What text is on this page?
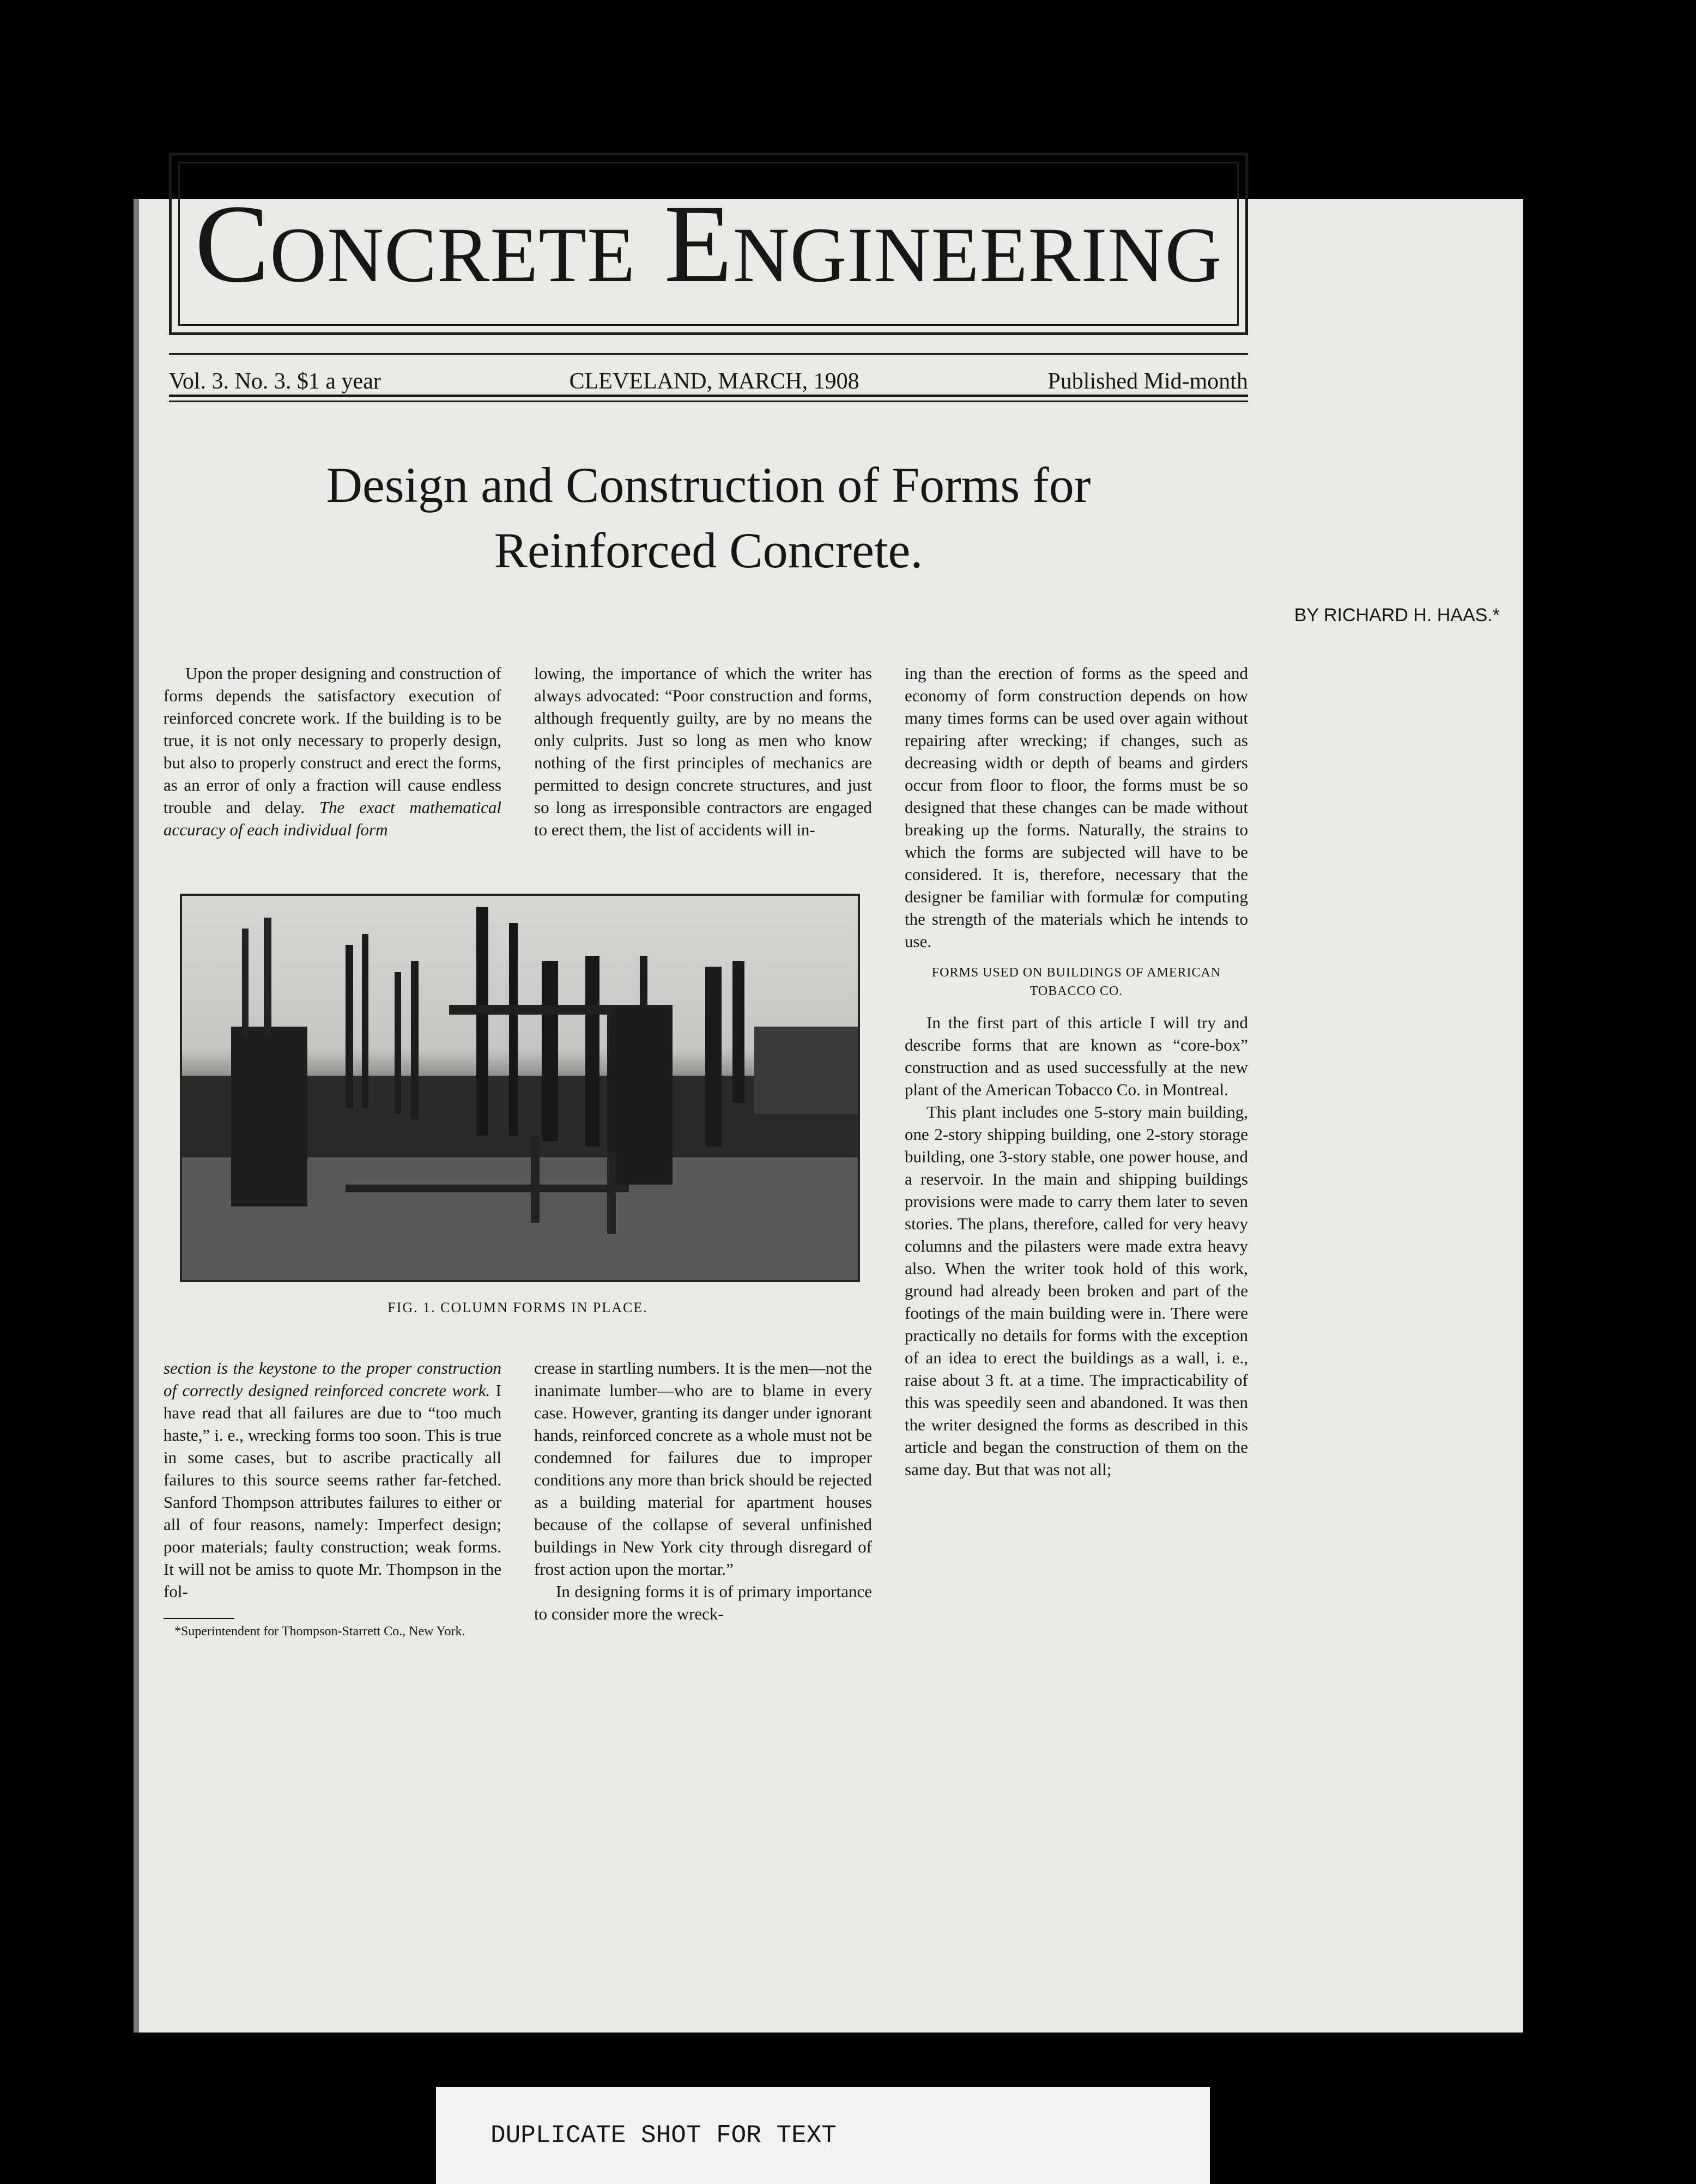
Concrete Engineering
Vol. 3. No. 3. $1 a year	CLEVELAND, MARCH, 1908	Published Mid-month
Design and Construction of Forms for
Reinforced Concrete.
BY RICHARD H. HAAS.*

Upon the proper designing and construction of forms depends the satisfactory execution of reinforced concrete work. If the building is to be true, it is not only necessary to properly design, but also to properly construct and erect the forms, as an error of only a fraction will cause endless trouble and delay. The exact mathematical accuracy of each individual form

lowing, the importance of which the writer has always advocated: “Poor construction and forms, although frequently guilty, are by no means the only culprits. Just so long as men who know nothing of the first principles of mechanics are permitted to design concrete structures, and just so long as irresponsible contractors are engaged to erect them, the list of accidents will in-

ing than the erection of forms as the speed and economy of form construction depends on how many times forms can be used over again without repairing after wrecking; if changes, such as decreasing width or depth of beams and girders occur from floor to floor, the forms must be so designed that these changes can be made without breaking up the forms. Naturally, the strains to which the forms are subjected will have to be considered. It is, therefore, necessary that the designer be familiar with formulæ for computing the strength of the materials which he intends to use.

FORMS USED ON BUILDINGS OF AMERICAN TOBACCO CO.

In the first part of this article I will try and describe forms that are known as “core-box” construction and as used successfully at the new plant of the American Tobacco Co. in Montreal.

This plant includes one 5-story main building, one 2-story shipping building, one 2-story storage building, one 3-story stable, one power house, and a reservoir. In the main and shipping buildings provisions were made to carry them later to seven stories. The plans, therefore, called for very heavy columns and the pilasters were made extra heavy also. When the writer took hold of this work, ground had already been broken and part of the footings of the main building were in. There were practically no details for forms with the exception of an idea to erect the buildings as a wall, i. e., raise about 3 ft. at a time. The impracticability of this was speedily seen and abandoned. It was then the writer designed the forms as described in this article and began the construction of them on the same day. But that was not all;

FIG. 1. COLUMN FORMS IN PLACE.

section is the keystone to the proper construction of correctly designed reinforced concrete work. I have read that all failures are due to “too much haste,” i. e., wrecking forms too soon. This is true in some cases, but to ascribe practically all failures to this source seems rather far-fetched. Sanford Thompson attributes failures to either or all of four reasons, namely: Imperfect design; poor materials; faulty construction; weak forms. It will not be amiss to quote Mr. Thompson in the fol-

*Superintendent for Thompson-Starrett Co., New York.

crease in startling numbers. It is the men—not the inanimate lumber—who are to blame in every case. However, granting its danger under ignorant hands, reinforced concrete as a whole must not be condemned for failures due to improper conditions any more than brick should be rejected as a building material for apartment houses because of the collapse of several unfinished buildings in New York city through disregard of frost action upon the mortar.”

In designing forms it is of primary importance to consider more the wreck-

DUPLICATE SHOT FOR TEXT
